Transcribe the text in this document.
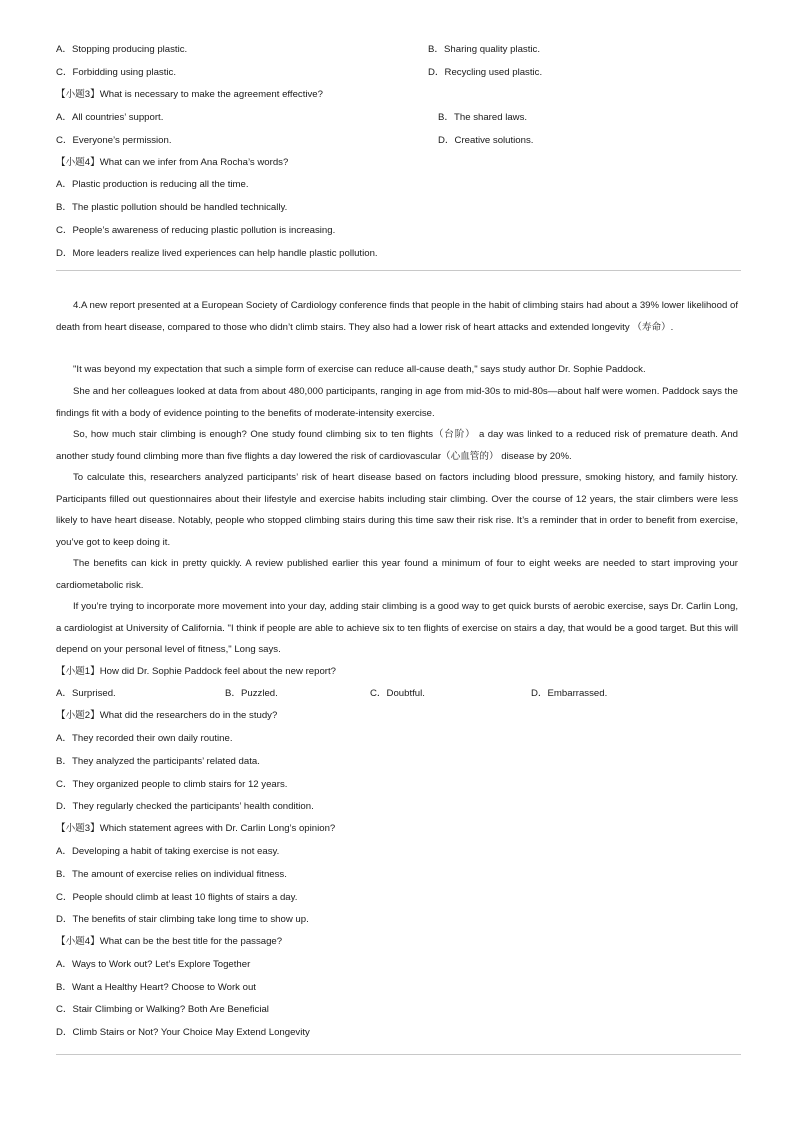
A．Stopping producing plastic.	B．Sharing quality plastic.
C．Forbidding using plastic.	D．Recycling used plastic.
【小题3】What is necessary to make the agreement effective?
A．All countries’ support.	B．The shared laws.
C．Everyone’s permission.	D．Creative solutions.
【小题4】What can we infer from Ana Rocha’s words?
A．Plastic production is reducing all the time.
B．The plastic pollution should be handled technically.
C．People’s awareness of reducing plastic pollution is increasing.
D．More leaders realize lived experiences can help handle plastic pollution.

4.A new report presented at a European Society of Cardiology conference finds that people in the habit of climbing stairs had about a 39% lower likelihood of death from heart disease, compared to those who didn’t climb stairs. They also had a lower risk of heart attacks and extended longevity （寿命）.

"It was beyond my expectation that such a simple form of exercise can reduce all-cause death," says study author Dr. Sophie Paddock.

She and her colleagues looked at data from about 480,000 participants, ranging in age from mid-30s to mid-80s—about half were women. Paddock says the findings fit with a body of evidence pointing to the benefits of moderate-intensity exercise.

So, how much stair climbing is enough? One study found climbing six to ten flights（台阶） a day was linked to a reduced risk of premature death. And another study found climbing more than five flights a day lowered the risk of cardiovascular（心血管的） disease by 20%.

To calculate this, researchers analyzed participants’ risk of heart disease based on factors including blood pressure, smoking history, and family history. Participants filled out questionnaires about their lifestyle and exercise habits including stair climbing. Over the course of 12 years, the stair climbers were less likely to have heart disease. Notably, people who stopped climbing stairs during this time saw their risk rise. It’s a reminder that in order to benefit from exercise, you’ve got to keep doing it.

The benefits can kick in pretty quickly. A review published earlier this year found a minimum of four to eight weeks are needed to start improving your cardiometabolic risk.

If you’re trying to incorporate more movement into your day, adding stair climbing is a good way to get quick bursts of aerobic exercise, says Dr. Carlin Long, a cardiologist at University of California. "I think if people are able to achieve six to ten flights of exercise on stairs a day, that would be a good target. But this will depend on your personal level of fitness," Long says.

【小题1】How did Dr. Sophie Paddock feel about the new report?
A．Surprised.	B．Puzzled.	C．Doubtful.	D．Embarrassed.
【小题2】What did the researchers do in the study?
A．They recorded their own daily routine.
B．They analyzed the participants’ related data.
C．They organized people to climb stairs for 12 years.
D．They regularly checked the participants’ health condition.
【小题3】Which statement agrees with Dr. Carlin Long’s opinion?
A．Developing a habit of taking exercise is not easy.
B．The amount of exercise relies on individual fitness.
C．People should climb at least 10 flights of stairs a day.
D．The benefits of stair climbing take long time to show up.
【小题4】What can be the best title for the passage?
A．Ways to Work out? Let’s Explore Together
B．Want a Healthy Heart? Choose to Work out
C．Stair Climbing or Walking? Both Are Beneficial
D．Climb Stairs or Not? Your Choice May Extend Longevity
